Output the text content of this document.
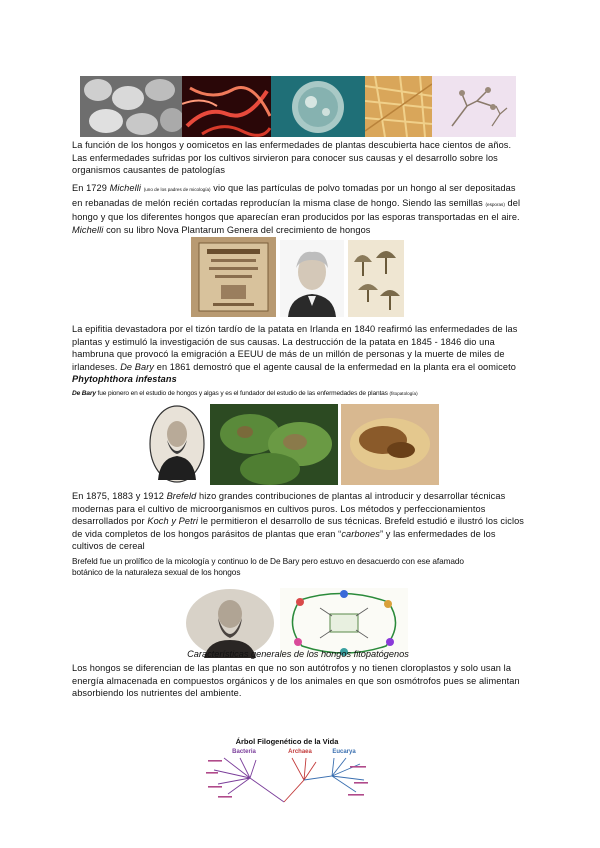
La función de los hongos y oomicetos en las enfermedades de plantas descubierta hace cientos de años. Las enfermedades sufridas por los cultivos sirvieron para conocer sus causas y el desarrollo sobre los organismos causantes de patologías
En 1729 Michelli (uno de los padres de micología) vio que las partículas de polvo tomadas por un hongo al ser depositadas en rebanadas de melón recién cortadas reproducían la misma clase de hongo. Siendo las semillas (esporas) del hongo y que los diferentes hongos que aparecían eran producidos por las esporas transportadas en el aire. Michelli con su libro Nova Plantarum Genera del crecimiento de hongos
La epifitia devastadora por el tizón tardío de la patata en Irlanda en 1840 reafirmó las enfermedades de las plantas y estimuló la investigación de sus causas. La destrucción de la patata en 1845 - 1846 dio una hambruna que provocó la emigración a EEUU de más de un millón de personas y la muerte de miles de irlandeses. De Bary en 1861 demostró que el agente causal de la enfermedad en la planta era el oomiceto Phytophthora infestans
De Bary fue pionero en el estudio de hongos y algas y es el fundador del estudio de las enfermedades de plantas (fitopatología)
En 1875, 1883 y 1912 Brefeld hizo grandes contribuciones de plantas al introducir y desarrollar técnicas modernas para el cultivo de microorganismos en cultivos puros. Los métodos y perfeccionamientos desarrollados por Koch y Petri le permitieron el desarrollo de sus técnicas. Brefeld estudió e ilustró los ciclos de vida completos de los hongos parásitos de plantas que eran “carbones” y las enfermedades de los cultivos de cereal
Brefeld fue un prolífico de la micología y continuo lo de De Bary pero estuvo en desacuerdo con ese afamado botánico de la naturaleza sexual de los hongos
Características generales de los hongos fitopatógenos
Los hongos se diferencian de las plantas en que no son autótrofos y no tienen cloroplastos y solo usan la energía almacenada en compuestos orgánicos y de los animales en que son osmótrofos pues se alimentan absorbiendo los nutrientes del ambiente.
Árbol Filogenético de la Vida
Bacteria	Archaea	Eucarya
